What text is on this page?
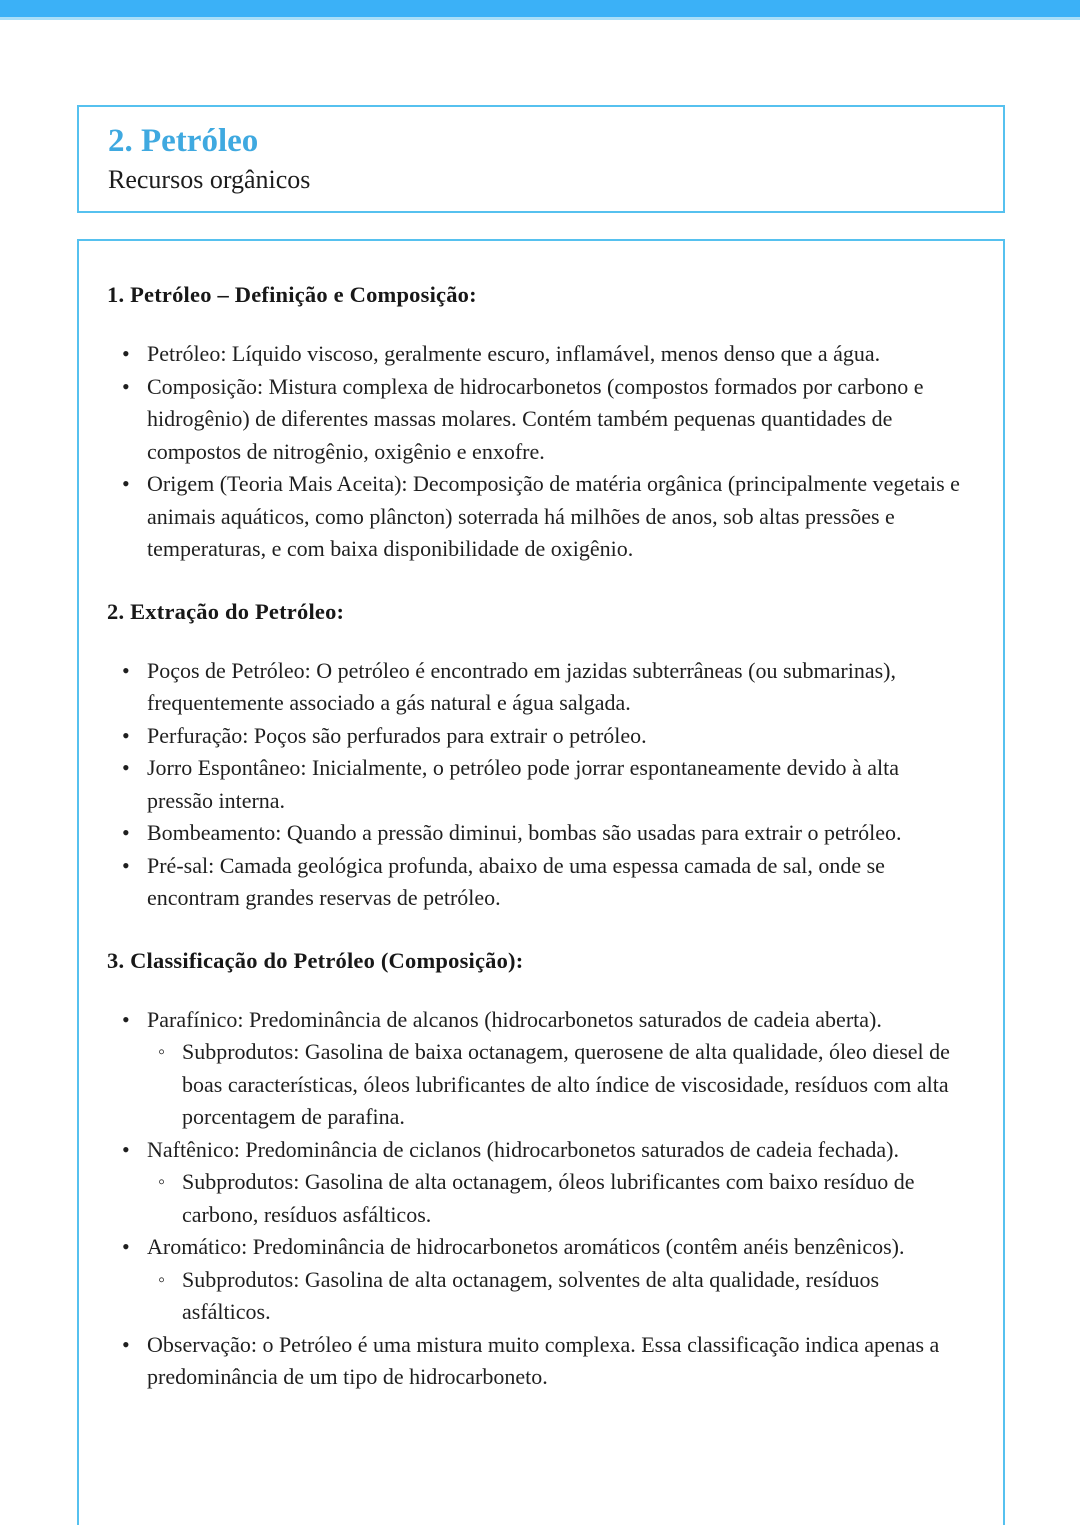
2. Petróleo
Recursos orgânicos
1. Petróleo – Definição e Composição:
• Petróleo: Líquido viscoso, geralmente escuro, inflamável, menos denso que a água.
• Composição: Mistura complexa de hidrocarbonetos (compostos formados por carbono e hidrogênio) de diferentes massas molares. Contém também pequenas quantidades de compostos de nitrogênio, oxigênio e enxofre.
• Origem (Teoria Mais Aceita): Decomposição de matéria orgânica (principalmente vegetais e animais aquáticos, como plâncton) soterrada há milhões de anos, sob altas pressões e temperaturas, e com baixa disponibilidade de oxigênio.
2. Extração do Petróleo:
• Poços de Petróleo: O petróleo é encontrado em jazidas subterrâneas (ou submarinas), frequentemente associado a gás natural e água salgada.
• Perfuração: Poços são perfurados para extrair o petróleo.
• Jorro Espontâneo: Inicialmente, o petróleo pode jorrar espontaneamente devido à alta pressão interna.
• Bombeamento: Quando a pressão diminui, bombas são usadas para extrair o petróleo.
• Pré-sal: Camada geológica profunda, abaixo de uma espessa camada de sal, onde se encontram grandes reservas de petróleo.
3. Classificação do Petróleo (Composição):
• Parafínico: Predominância de alcanos (hidrocarbonetos saturados de cadeia aberta).
◦ Subprodutos: Gasolina de baixa octanagem, querosene de alta qualidade, óleo diesel de boas características, óleos lubrificantes de alto índice de viscosidade, resíduos com alta porcentagem de parafina.
• Naftênico: Predominância de ciclanos (hidrocarbonetos saturados de cadeia fechada).
◦ Subprodutos: Gasolina de alta octanagem, óleos lubrificantes com baixo resíduo de carbono, resíduos asfálticos.
• Aromático: Predominância de hidrocarbonetos aromáticos (contêm anéis benzênicos).
◦ Subprodutos: Gasolina de alta octanagem, solventes de alta qualidade, resíduos asfálticos.
• Observação: o Petróleo é uma mistura muito complexa. Essa classificação indica apenas a predominância de um tipo de hidrocarboneto.
